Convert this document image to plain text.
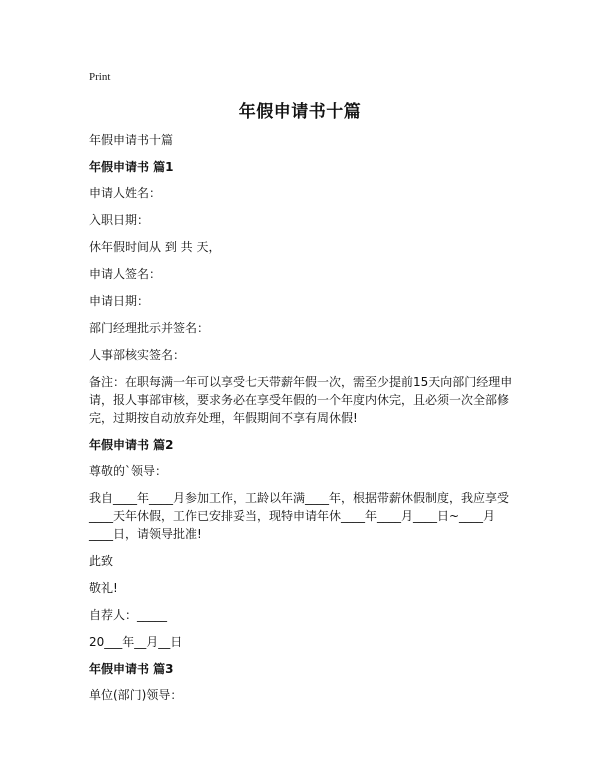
Print
年假申请书十篇

年假申请书十篇

年假申请书 篇1

申请人姓名：

入职日期：

休年假时间从 到 共 天，

申请人签名：

申请日期：

部门经理批示并签名：

人事部核实签名：

备注：在职每满一年可以享受七天带薪年假一次，需至少提前15天向部门经理申请，报人事部审核，要求务必在享受年假的一个年度内休完，且必须一次全部修完，过期按自动放弃处理，年假期间不享有周休假!

年假申请书 篇2

尊敬的`领导：

我自____年____月参加工作，工龄以年满____年，根据带薪休假制度，我应享受____天年休假，工作已安排妥当，现特申请年休____年____月____日~____月____日，请领导批准!

此致

敬礼!

自荐人：_____

20___年__月__日

年假申请书 篇3

单位(部门)领导：
